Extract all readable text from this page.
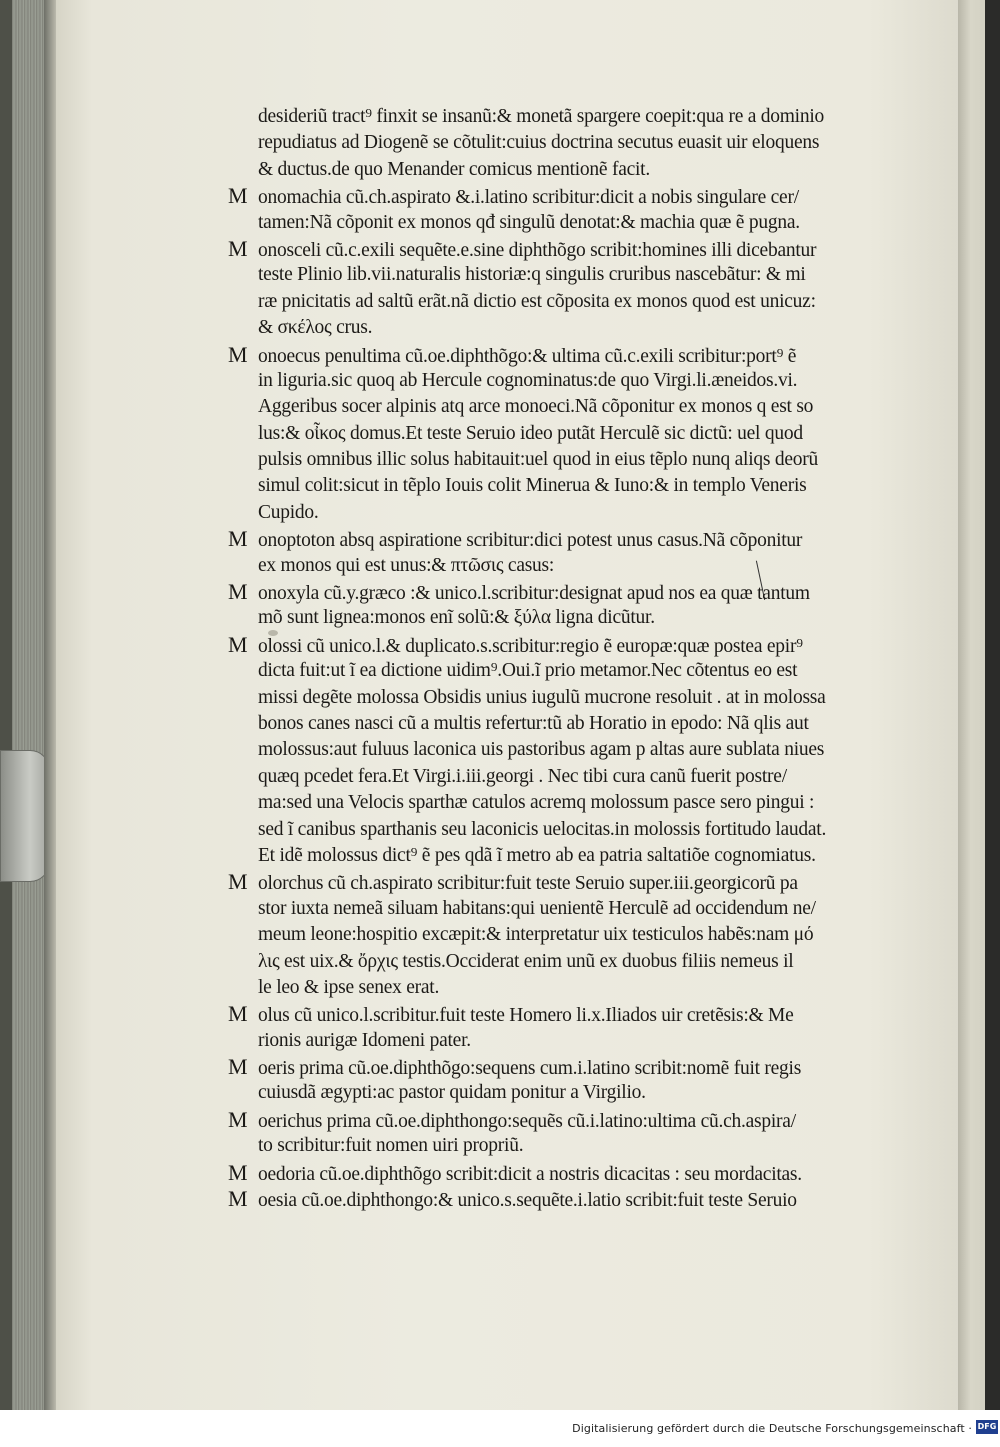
desideriũ tract⁹ finxit se insanũ:& monetã spargere coepit:qua re a dominio
repudiatus ad Diogenẽ se cõtulit:cuius doctrina secutus euasit uir eloquens
& ductus.de quo Menander comicus mentionẽ facit.
M onomachia cũ.ch.aspirato &.i.latino scribitur:dicit a nobis singulare cer/
tamen:Nã cõponit ex monos qđ singulũ denotat:& machia quæ ẽ pugna.
M onosceli cũ.c.exili sequẽte.e.sine diphthõgo scribit:homines illi dicebantur
teste Plinio lib.vii.naturalis historiæ:q singulis cruribus nascebãtur: & mi
ræ pnicitatis ad saltũ erãt.nã dictio est cõposita ex monos quod est unicuz:
& σκέλος crus.
M onoecus penultima cũ.oe.diphthõgo:& ultima cũ.c.exili scribitur:port⁹ ẽ
in liguria.sic quoq ab Hercule cognominatus:de quo Virgi.li.æneidos.vi.
Aggeribus socer alpinis atq arce monoeci.Nã cõponitur ex monos q est so
lus:& οἶκος domus.Et teste Seruio ideo putãt Herculẽ sic dictũ: uel quod
pulsis omnibus illic solus habitauit:uel quod in eius tẽplo nunq aliqs deorũ
simul colit:sicut in tẽplo Iouis colit Minerua & Iuno:& in templo Veneris
Cupido.
M onoptoton absq aspiratione scribitur:dici potest unus casus.Nã cõponitur
ex monos qui est unus:& πτῶσις casus:
M onoxyla cũ.y.græco :& unico.l.scribitur:designat apud nos ea quæ tantum
mõ sunt lignea:monos enĩ solũ:& ξύλα ligna dicũtur.
M olossi cũ unico.l.& duplicato.s.scribitur:regio ẽ europæ:quæ postea epir⁹
dicta fuit:ut ĩ ea dictione uidim⁹.Oui.ĩ prio metamor.Nec cõtentus eo est
missi degẽte molossa Obsidis unius iugulũ mucrone resoluit . at in molossa
bonos canes nasci cũ a multis refertur:tũ ab Horatio in epodo: Nã qlis aut
molossus:aut fuluus laconica uis pastoribus agam p altas aure sublata niues
quæq pcedet fera.Et Virgi.i.iii.georgi . Nec tibi cura canũ fuerit postre/
ma:sed una Velocis sparthæ catulos acremq molossum pasce sero pingui :
sed ĩ canibus sparthanis seu laconicis uelocitas.in molossis fortitudo laudat.
Et idẽ molossus dict⁹ ẽ pes qdã ĩ metro ab ea patria saltatiõe cognomiatus.
M olorchus cũ ch.aspirato scribitur:fuit teste Seruio super.iii.georgicorũ pa
stor iuxta nemeã siluam habitans:qui uenientẽ Herculẽ ad occidendum ne/
meum leone:hospitio excæpit:& interpretatur uix testiculos habẽs:nam μό
λις est uix.& ὄρχις testis.Occiderat enim unũ ex duobus filiis nemeus il
le leo & ipse senex erat.
M olus cũ unico.l.scribitur.fuit teste Homero li.x.Iliados uir cretẽsis:& Me
rionis aurigæ Idomeni pater.
M oeris prima cũ.oe.diphthõgo:sequens cum.i.latino scribit:nomẽ fuit regis
cuiusdã ægypti:ac pastor quidam ponitur a Virgilio.
M oerichus prima cũ.oe.diphthongo:sequẽs cũ.i.latino:ultima cũ.ch.aspira/
to scribitur:fuit nomen uiri propriũ.
M oedoria cũ.oe.diphthõgo scribit:dicit a nostris dicacitas : seu mordacitas.
M oesia cũ.oe.diphthongo:& unico.s.sequẽte.i.latio scribit:fuit teste Seruio
Digitalisierung gefördert durch die Deutsche Forschungsgemeinschaft · DFG
